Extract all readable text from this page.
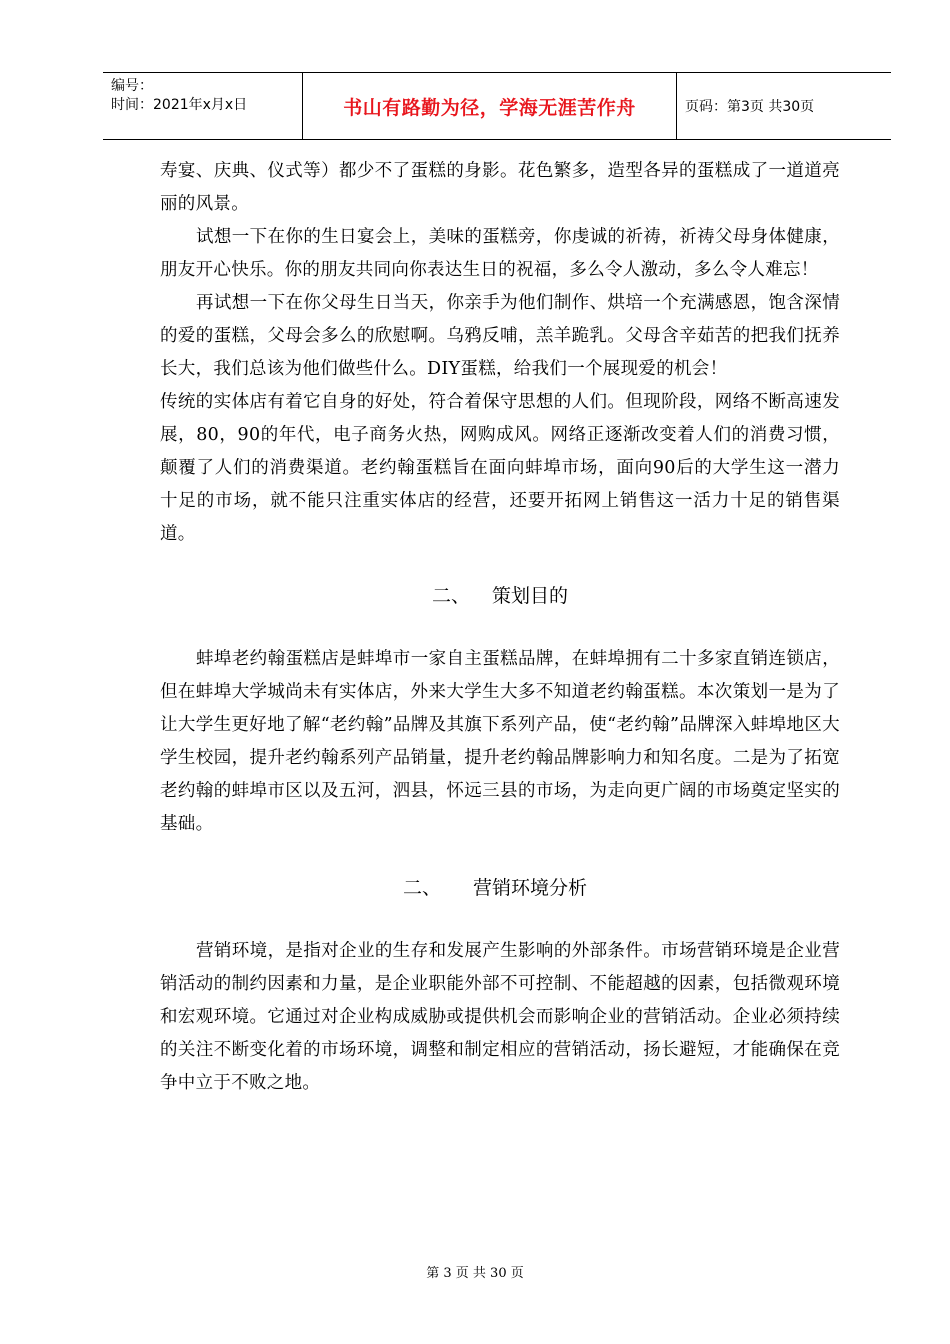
编号：
时间：2021年x月x日	书山有路勤为径，学海无涯苦作舟	页码：第3页 共30页

寿宴、庆典、仪式等）都少不了蛋糕的身影。花色繁多，造型各异的蛋糕成了一道道亮丽的风景。

试想一下在你的生日宴会上，美味的蛋糕旁，你虔诚的祈祷，祈祷父母身体健康，朋友开心快乐。你的朋友共同向你表达生日的祝福，多么令人激动，多么令人难忘！

再试想一下在你父母生日当天，你亲手为他们制作、烘培一个充满感恩，饱含深情的爱的蛋糕，父母会多么的欣慰啊。乌鸦反哺，羔羊跪乳。父母含辛茹苦的把我们抚养长大，我们总该为他们做些什么。DIY蛋糕，给我们一个展现爱的机会！

传统的实体店有着它自身的好处，符合着保守思想的人们。但现阶段，网络不断高速发展，80，90的年代，电子商务火热，网购成风。网络正逐渐改变着人们的消费习惯，颠覆了人们的消费渠道。老约翰蛋糕旨在面向蚌埠市场，面向90后的大学生这一潜力十足的市场，就不能只注重实体店的经营，还要开拓网上销售这一活力十足的销售渠道。

二、 策划目的

蚌埠老约翰蛋糕店是蚌埠市一家自主蛋糕品牌，在蚌埠拥有二十多家直销连锁店，但在蚌埠大学城尚未有实体店，外来大学生大多不知道老约翰蛋糕。本次策划一是为了让大学生更好地了解“老约翰”品牌及其旗下系列产品，使“老约翰”品牌深入蚌埠地区大学生校园，提升老约翰系列产品销量，提升老约翰品牌影响力和知名度。二是为了拓宽老约翰的蚌埠市区以及五河，泗县，怀远三县的市场，为走向更广阔的市场奠定坚实的基础。

二、 营销环境分析

营销环境，是指对企业的生存和发展产生影响的外部条件。市场营销环境是企业营销活动的制约因素和力量，是企业职能外部不可控制、不能超越的因素，包括微观环境和宏观环境。它通过对企业构成威胁或提供机会而影响企业的营销活动。企业必须持续的关注不断变化着的市场环境，调整和制定相应的营销活动，扬长避短，才能确保在竞争中立于不败之地。

第 3 页 共 30 页
